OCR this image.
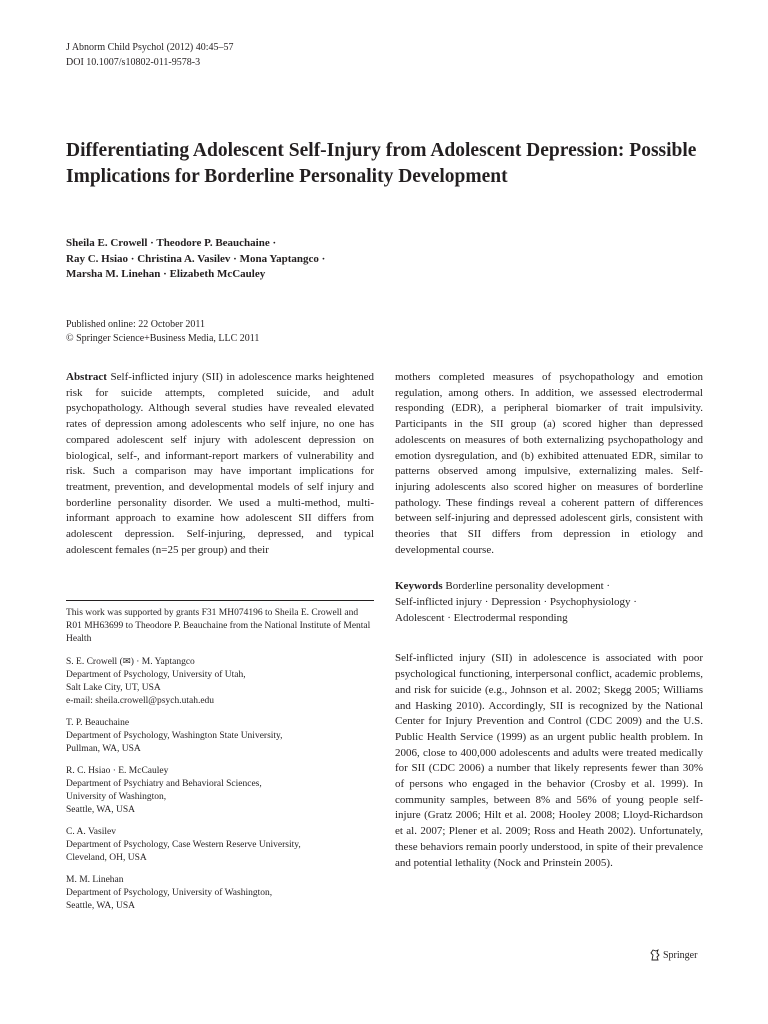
J Abnorm Child Psychol (2012) 40:45–57
DOI 10.1007/s10802-011-9578-3
Differentiating Adolescent Self-Injury from Adolescent Depression: Possible Implications for Borderline Personality Development
Sheila E. Crowell · Theodore P. Beauchaine ·
Ray C. Hsiao · Christina A. Vasilev · Mona Yaptangco ·
Marsha M. Linehan · Elizabeth McCauley
Published online: 22 October 2011
© Springer Science+Business Media, LLC 2011

Abstract Self-inflicted injury (SII) in adolescence marks heightened risk for suicide attempts, completed suicide, and adult psychopathology. Although several studies have revealed elevated rates of depression among adolescents who self injure, no one has compared adolescent self injury with adolescent depression on biological, self-, and informant-report markers of vulnerability and risk. Such a comparison may have important implications for treatment, prevention, and developmental models of self injury and borderline personality disorder. We used a multi-method, multi-informant approach to examine how adolescent SII differs from adolescent depression. Self-injuring, depressed, and typical adolescent females (n=25 per group) and their

This work was supported by grants F31 MH074196 to Sheila E. Crowell and R01 MH63699 to Theodore P. Beauchaine from the National Institute of Mental Health

S. E. Crowell (✉) · M. Yaptangco

Department of Psychology, University of Utah,

Salt Lake City, UT, USA

e-mail: sheila.crowell@psych.utah.edu

T. P. Beauchaine

Department of Psychology, Washington State University,

Pullman, WA, USA

R. C. Hsiao · E. McCauley

Department of Psychiatry and Behavioral Sciences,

University of Washington,

Seattle, WA, USA

C. A. Vasilev

Department of Psychology, Case Western Reserve University,

Cleveland, OH, USA

M. M. Linehan

Department of Psychology, University of Washington,

Seattle, WA, USA

mothers completed measures of psychopathology and emotion regulation, among others. In addition, we assessed electrodermal responding (EDR), a peripheral biomarker of trait impulsivity. Participants in the SII group (a) scored higher than depressed adolescents on measures of both externalizing psychopathology and emotion dysregulation, and (b) exhibited attenuated EDR, similar to patterns observed among impulsive, externalizing males. Self-injuring adolescents also scored higher on measures of borderline pathology. These findings reveal a coherent pattern of differences between self-injuring and depressed adolescent girls, consistent with theories that SII differs from depression in etiology and developmental course.

Keywords Borderline personality development ·

Self-inflicted injury · Depression · Psychophysiology ·

Adolescent · Electrodermal responding

Self-inflicted injury (SII) in adolescence is associated with poor psychological functioning, interpersonal conflict, academic problems, and risk for suicide (e.g., Johnson et al. 2002; Skegg 2005; Williams and Hasking 2010). Accordingly, SII is recognized by the National Center for Injury Prevention and Control (CDC 2009) and the U.S. Public Health Service (1999) as an urgent public health problem. In 2006, close to 400,000 adolescents and adults were treated medically for SII (CDC 2006) a number that likely represents fewer than 30% of persons who engaged in the behavior (Crosby et al. 1999). In community samples, between 8% and 56% of young people self-injure (Gratz 2006; Hilt et al. 2008; Hooley 2008; Lloyd-Richardson et al. 2007; Plener et al. 2009; Ross and Heath 2002). Unfortunately, these behaviors remain poorly understood, in spite of their prevalence and potential lethality (Nock and Prinstein 2005).

Springer
